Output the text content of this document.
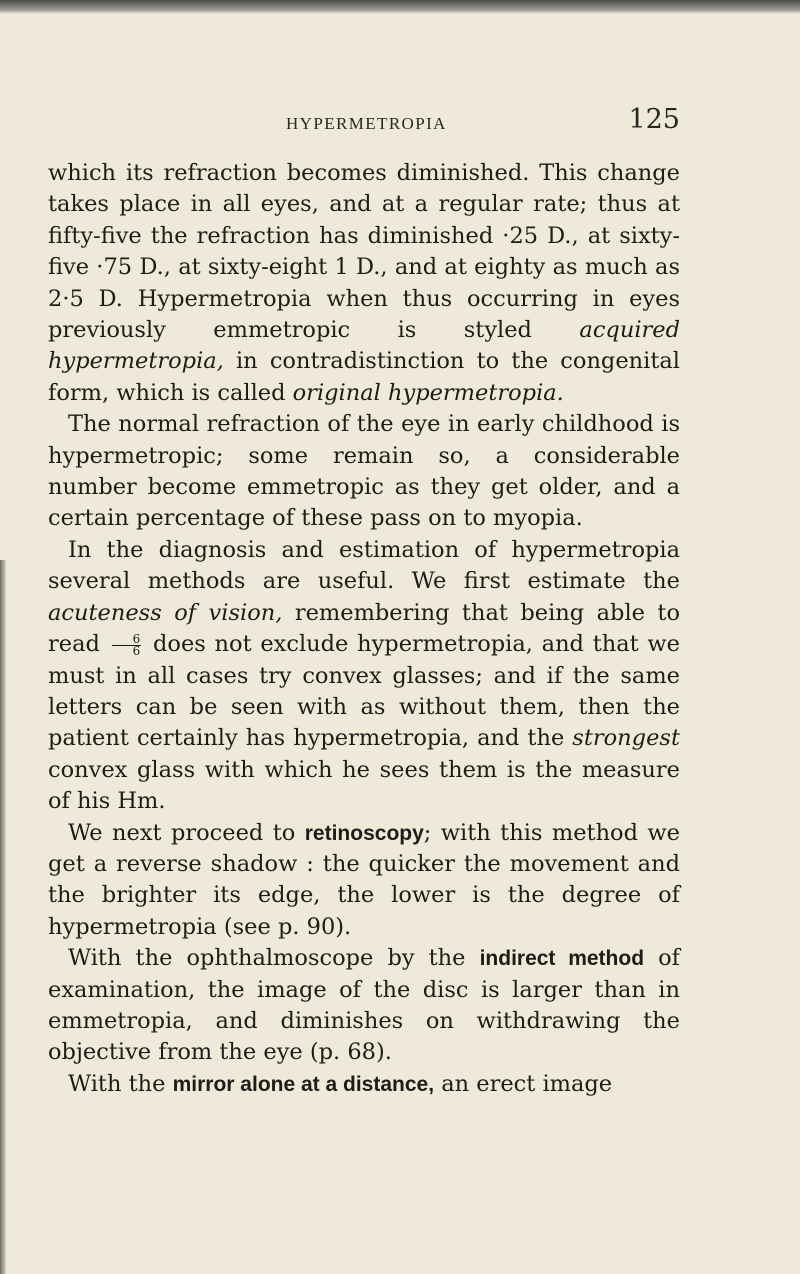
HYPERMETROPIA	125

which its refraction becomes diminished. This change takes place in all eyes, and at a regular rate; thus at fifty-five the refraction has diminished ·25 D., at sixty-five ·75 D., at sixty-eight 1 D., and at eighty as much as 2·5 D. Hypermetropia when thus occurring in eyes previously emmetropic is styled acquired hypermetropia, in contradistinction to the congenital form, which is called original hypermetropia.

The normal refraction of the eye in early childhood is hypermetropic; some remain so, a considerable number become emmetropic as they get older, and a certain percentage of these pass on to myopia.

In the diagnosis and estimation of hypermetropia several methods are useful. We first estimate the acuteness of vision, remembering that being able to read $\frac{6}{6}$ does not exclude hypermetropia, and that we must in all cases try convex glasses; and if the same letters can be seen with as without them, then the patient certainly has hypermetropia, and the strongest convex glass with which he sees them is the measure of his Hm.

We next proceed to retinoscopy; with this method we get a reverse shadow : the quicker the movement and the brighter its edge, the lower is the degree of hypermetropia (see p. 90).

With the ophthalmoscope by the indirect method of examination, the image of the disc is larger than in emmetropia, and diminishes on withdrawing the objective from the eye (p. 68).

With the mirror alone at a distance, an erect image
